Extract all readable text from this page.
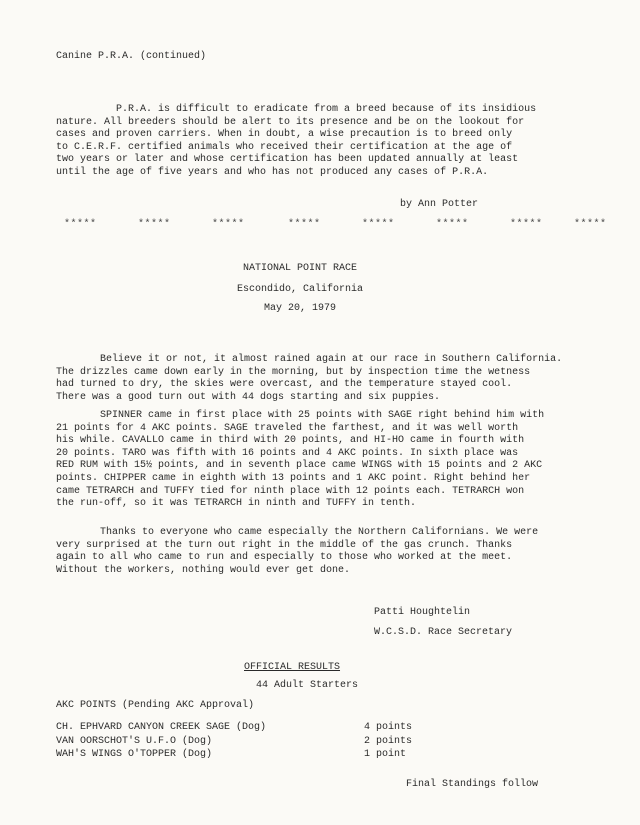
Canine P.R.A. (continued)

P.R.A. is difficult to eradicate from a breed because of its insidious

nature. All breeders should be alert to its presence and be on the lookout for

cases and proven carriers. When in doubt, a wise precaution is to breed only

to C.E.R.F. certified animals who received their certification at the age of

two years or later and whose certification has been updated annually at least

until the age of five years and who has not produced any cases of P.R.A.

by Ann Potter
*****	*****	*****	*****	*****	*****	*****	*****
NATIONAL POINT RACE
Escondido, California
May 20, 1979

Believe it or not, it almost rained again at our race in Southern California.

The drizzles came down early in the morning, but by inspection time the wetness

had turned to dry, the skies were overcast, and the temperature stayed cool.

There was a good turn out with 44 dogs starting and six puppies.

SPINNER came in first place with 25 points with SAGE right behind him with

21 points for 4 AKC points. SAGE traveled the farthest, and it was well worth

his while. CAVALLO came in third with 20 points, and HI-HO came in fourth with

20 points. TARO was fifth with 16 points and 4 AKC points. In sixth place was

RED RUM with 15½ points, and in seventh place came WINGS with 15 points and 2 AKC

points. CHIPPER came in eighth with 13 points and 1 AKC point. Right behind her

came TETRARCH and TUFFY tied for ninth place with 12 points each. TETRARCH won

the run-off, so it was TETRARCH in ninth and TUFFY in tenth.

Thanks to everyone who came especially the Northern Californians. We were

very surprised at the turn out right in the middle of the gas crunch. Thanks

again to all who came to run and especially to those who worked at the meet.

Without the workers, nothing would ever get done.

Patti Houghtelin
W.C.S.D. Race Secretary
OFFICIAL RESULTS
44 Adult Starters
AKC POINTS (Pending AKC Approval)
CH. EPHVARD CANYON CREEK SAGE (Dog)	4 points
VAN OORSCHOT'S U.F.O (Dog)	2 points
WAH'S WINGS O'TOPPER (Dog)	1 point
Final Standings follow
